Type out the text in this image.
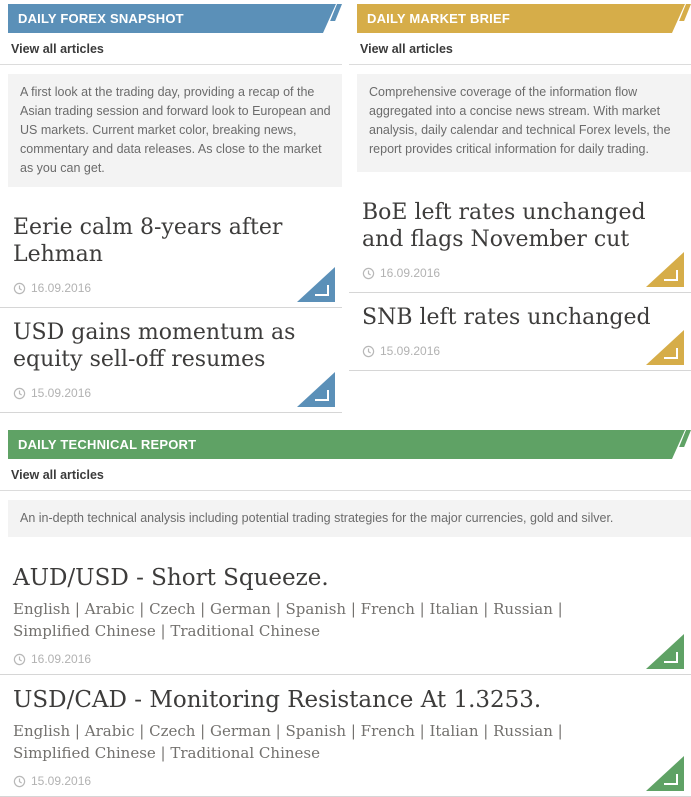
DAILY FOREX SNAPSHOT
View all articles

A first look at the trading day, providing a recap of the Asian trading session and forward look to European and US markets. Current market color, breaking news, commentary and data releases. As close to the market as you can get.

Eerie calm 8-years after Lehman
16.09.2016
USD gains momentum as equity sell-off resumes
15.09.2016
DAILY MARKET BRIEF
View all articles

Comprehensive coverage of the information flow aggregated into a concise news stream. With market analysis, daily calendar and technical Forex levels, the report provides critical information for daily trading.

BoE left rates unchanged and flags November cut
16.09.2016
SNB left rates unchanged
15.09.2016
DAILY TECHNICAL REPORT
View all articles

An in-depth technical analysis including potential trading strategies for the major currencies, gold and silver.

AUD/USD - Short Squeeze.
English | Arabic | Czech | German | Spanish | French | Italian | Russian | Simplified Chinese | Traditional Chinese
16.09.2016
USD/CAD - Monitoring Resistance At 1.3253.
English | Arabic | Czech | German | Spanish | French | Italian | Russian | Simplified Chinese | Traditional Chinese
15.09.2016
